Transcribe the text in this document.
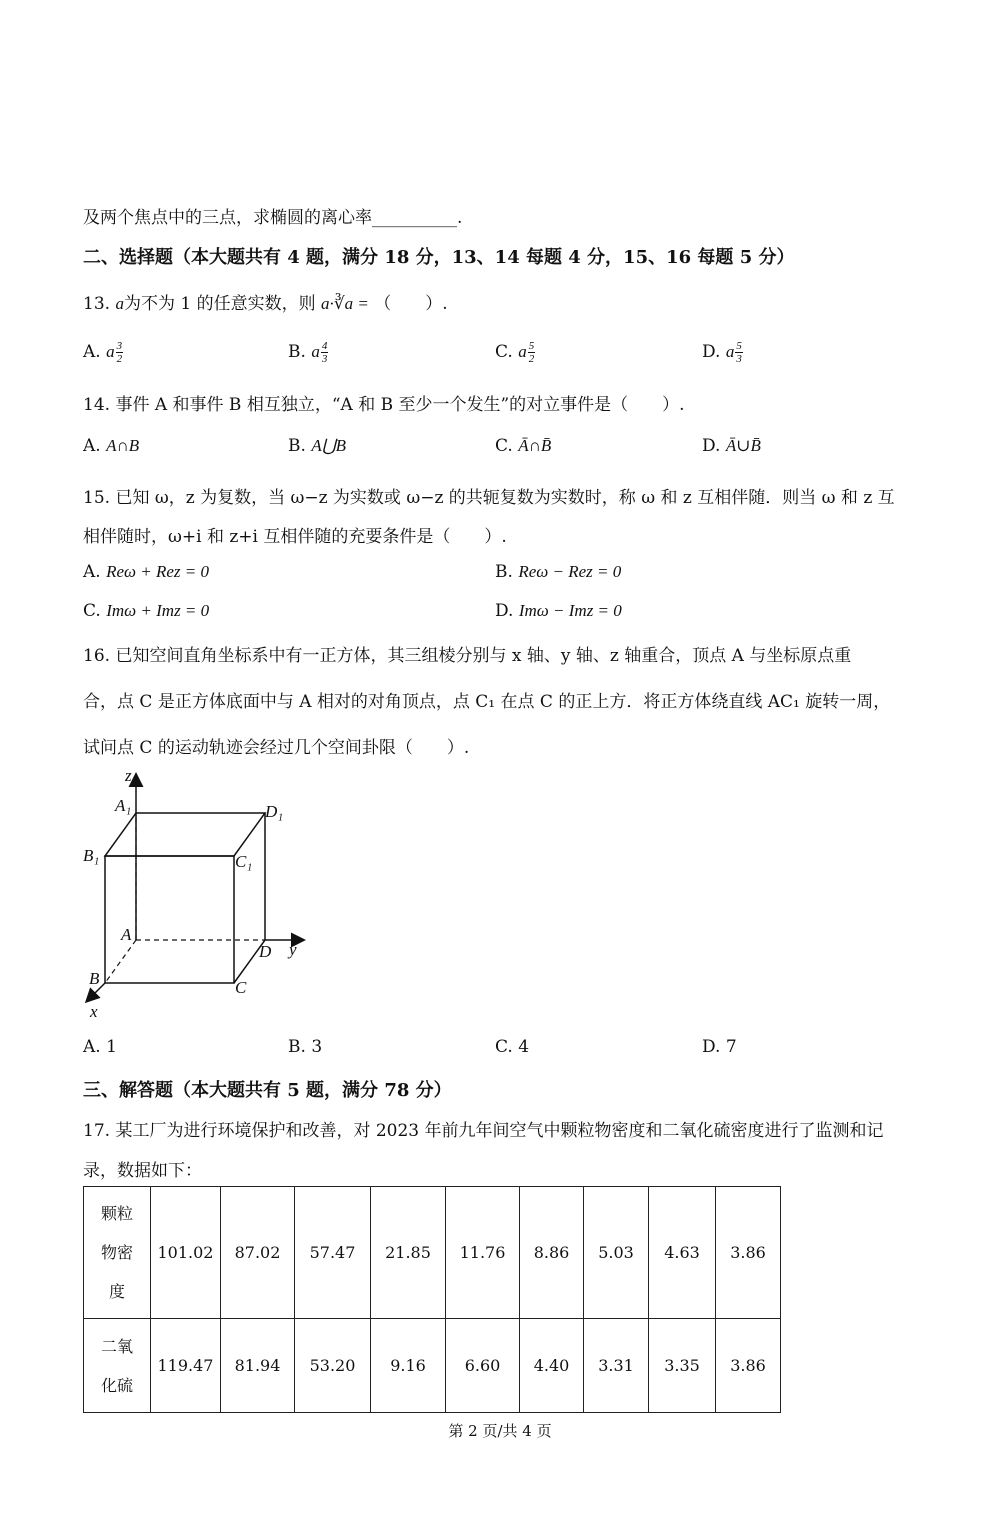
及两个焦点中的三点，求椭圆的离心率__________.
二、选择题（本大题共有 4 题，满分 18 分，13、14 每题 4 分，15、16 每题 5 分）
13. a为不为 1 的任意实数，则 a·∛a = （　　）.
A. a $\frac{3}{2}$	B. a $\frac{4}{3}$	C. a $\frac{5}{2}$	D. a $\frac{5}{3}$
14. 事件 A 和事件 B 相互独立，“A 和 B 至少一个发生”的对立事件是（　　）.
A. A∩B	B. A⋃B	C. Ā∩B̄	D. Ā∪B̄
15. 已知 ω，z 为复数，当 ω−z 为实数或 ω−z 的共轭复数为实数时，称 ω 和 z 互相伴随．则当 ω 和 z 互
相伴随时，ω+i 和 z+i 互相伴随的充要条件是（　　）.
A. Reω + Rez = 0	B. Reω − Rez = 0
C. Imω + Imz = 0	D. Imω − Imz = 0
16. 已知空间直角坐标系中有一正方体，其三组棱分别与 x 轴、y 轴、z 轴重合，顶点 A 与坐标原点重
合，点 C 是正方体底面中与 A 相对的对角顶点，点 C₁ 在点 C 的正上方．将正方体绕直线 AC₁ 旋转一周，
试问点 C 的运动轨迹会经过几个空间卦限（　　）.
z
y
x
A₁	D₁
B₁	C₁
A
D
B	C
A. 1	B. 3	C. 4	D. 7
三、解答题（本大题共有 5 题，满分 78 分）
17. 某工厂为进行环境保护和改善，对 2023 年前九年间空气中颗粒物密度和二氧化硫密度进行了监测和记
录，数据如下：
颗粒
物密
度	101.02	87.02	57.47	21.85	11.76	8.86	5.03	4.63	3.86

二氧
化硫	119.47	81.94	53.20	9.16	6.60	4.40	3.31	3.35	3.86
第 2 页/共 4 页
